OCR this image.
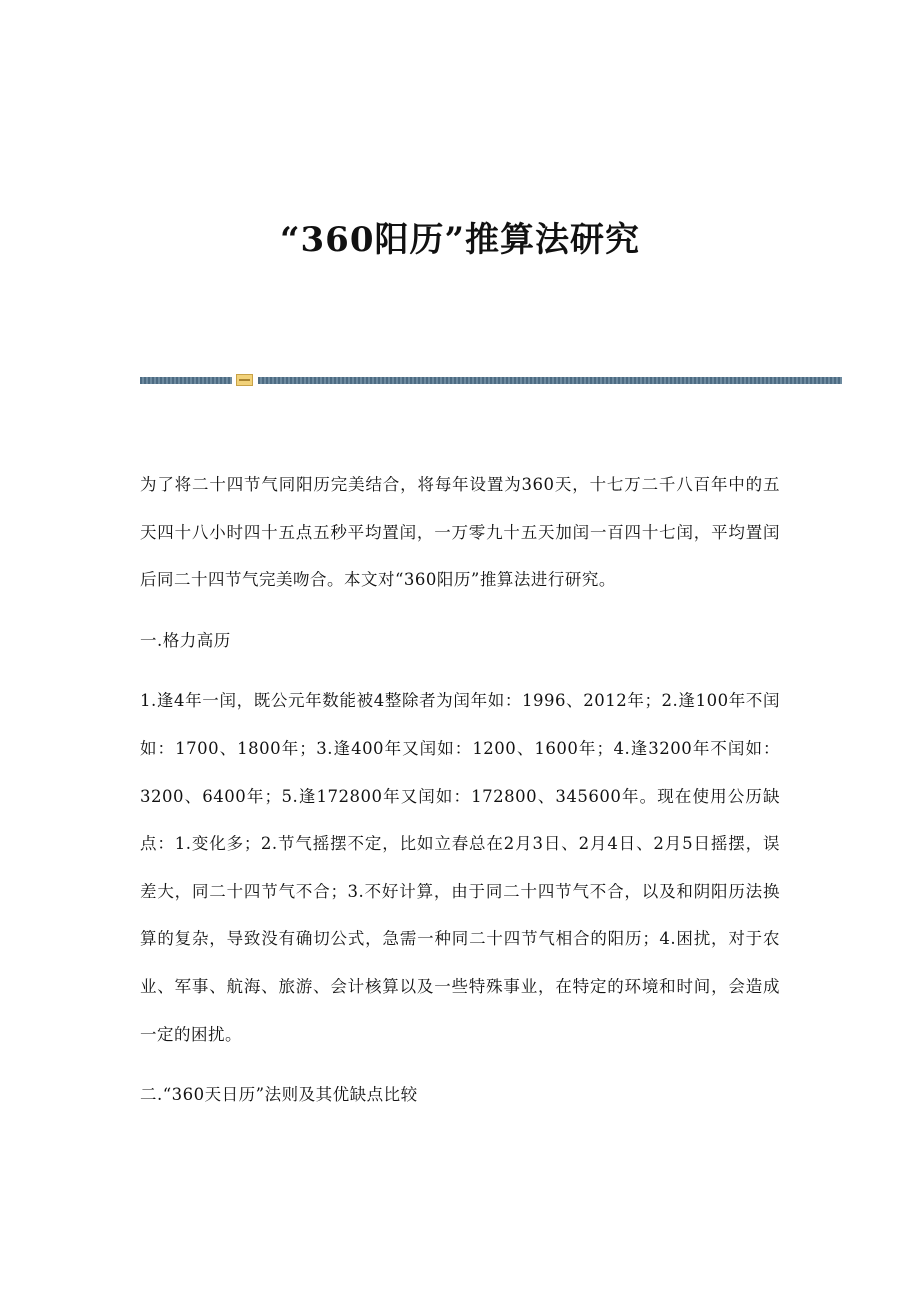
“360阳历”推算法研究

为了将二十四节气同阳历完美结合，将每年设置为360天，十七万二千八百年中的五天四十八小时四十五点五秒平均置闰，一万零九十五天加闰一百四十七闰，平均置闰后同二十四节气完美吻合。本文对“360阳历”推算法进行研究。

一.格力高历

1.逢4年一闰，既公元年数能被4整除者为闰年如：1996、2012年；2.逢100年不闰如：1700、1800年；3.逢400年又闰如：1200、1600年；4.逢3200年不闰如：3200、6400年；5.逢172800年又闰如：172800、345600年。现在使用公历缺点：1.变化多；2.节气摇摆不定，比如立春总在2月3日、2月4日、2月5日摇摆，误差大，同二十四节气不合；3.不好计算，由于同二十四节气不合，以及和阴阳历法换算的复杂，导致没有确切公式，急需一种同二十四节气相合的阳历；4.困扰，对于农业、军事、航海、旅游、会计核算以及一些特殊事业，在特定的环境和时间，会造成一定的困扰。

二.“360天日历”法则及其优缺点比较
